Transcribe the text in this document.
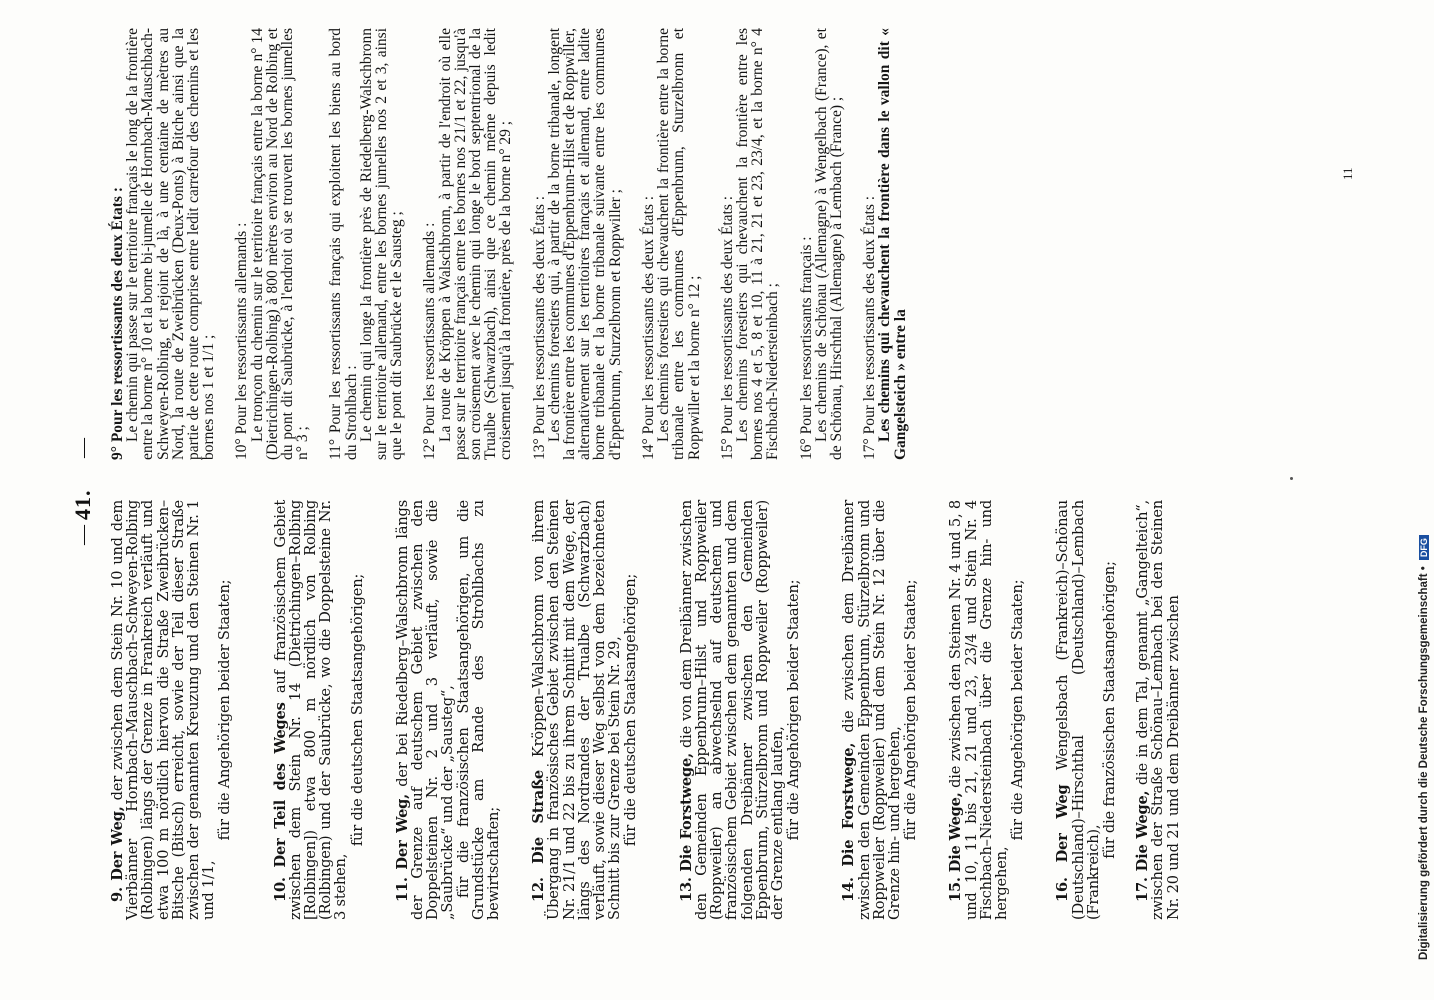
—
41.
—

9. Der Weg, der zwischen dem Stein Nr. 10 und dem Vierbänner Hornbach–Mauschbach–Schweyen-Rolbing (Rolbingen) längs der Grenze in Frankreich verläuft und etwa 100 m nördlich hiervon die Straße Zweibrücken–Bitsche (Bitsch) erreicht, sowie der Teil dieser Straße zwischen der genannten Kreuzung und den Steinen Nr. 1 und 1/1,

für die Angehörigen beider Staaten;	10. Der Teil des Weges auf französischem Gebiet zwischen dem Stein Nr. 14 (Dietrichingen–Rolbing [Rolbingen]) etwa 800 m nördlich von Rolbing (Rolbingen) und der Saubrücke, wo die Doppelsteine Nr. 3 stehen,

für die deutschen Staatsangehörigen;

11. Der Weg, der bei Riedelberg–Walschbronn längs der Grenze auf deutschem Gebiet zwischen den Doppelsteinen Nr. 2 und 3 verläuft, sowie die „Saubrücke“ und der „Sausteg“,

für die französischen Staatsangehörigen, um die Grundstücke am Rande des Strohlbachs zu bewirtschaften; 12. Die Straße Kröppen–Walschbronn von ihrem Übergang in französisches Gebiet zwischen den Steinen Nr. 21/1 und 22 bis zu ihrem Schnitt mit dem Wege, der längs des Nordrandes der Trualbe (Schwarzbach) verläuft, sowie dieser Weg selbst von dem bezeichneten Schnitt bis zur Grenze bei Stein Nr. 29, für die deutschen Staatsangehörigen;	13. Die Forstwege, die von dem Dreibänner zwischen den Gemeinden Eppenbrunn–Hilst und Roppweiler (Roppweiler) an abwechselnd auf deutschem und französischem Gebiet zwischen dem genannten und dem folgenden Dreibänner zwischen den Gemeinden Eppenbrunn, Stürzelbronn und Roppweiler (Roppweiler) der Grenze entlang laufen, für die Angehörigen beider Staaten;	14. Die Forstwege, die zwischen dem Dreibänner zwischen den Gemeinden Eppenbrunn, Stürzelbronn und Roppweiler (Roppweiler) und dem Stein Nr. 12 über die Grenze hin- und hergehen, für die Angehörigen beider Staaten;

15. Die Wege, die zwischen den Steinen Nr. 4 und 5, 8 und 10, 11 bis 21, 21 und 23, 23/4 und Stein Nr. 4 Fischbach–Niedersteinbach über die Grenze hin- und hergehen,

für die Angehörigen beider Staaten;

16. Der Weg Wengelsbach (Frankreich)–Schönau (Deutschland)–Hirschthal (Deutschland)–Lembach (Frankreich),

für die französischen Staatsangehörigen; 17. Die Wege, die in dem Tal, genannt „Gangelteich“, zwischen der Straße Schönau–Lembach bei den Steinen Nr. 20 und 21 und dem Dreibänner zwischen

9° Pour les ressortissants des deux États :

Le chemin qui passe sur le territoire français le long de la frontière entre la borne n° 10 et la borne bi-jumelle de Hornbach-Mauschbach-Schweyen-Rolbing, et rejoint de là, à une centaine de mètres au Nord, la route de Zweibrücken (Deux-Ponts) à Bitche ainsi que la partie de cette route comprise entre ledit carrefour des chemins et les bornes nos 1 et 1/1 ; 10° Pour les ressortissants allemands :

Le tronçon du chemin sur le territoire français entre la borne n° 14 (Dietrichingen-Rolbing) à 800 mètres environ au Nord de Rolbing et du pont dit Saubrücke, à l'endroit où se trouvent les bornes jumelles n° 3 ; 11° Pour les ressortissants français qui exploitent les biens au bord du Strohlbach :

Le chemin qui longe la frontière près de Riedelberg-Walschbronn sur le territoire allemand, entre les bornes jumelles nos 2 et 3, ainsi que le pont dit Saubrücke et le Sausteg ; 12° Pour les ressortissants allemands :

La route de Kröppen à Walschbronn, à partir de l'endroit où elle passe sur le territoire français entre les bornes nos 21/1 et 22, jusqu'à son croisement avec le chemin qui longe le bord septentrional de la Trualbe (Schwarzbach), ainsi que ce chemin même depuis ledit croisement jusqu'à la frontière, près de la borne n° 29 ; 13° Pour les ressortissants des deux États :

Les chemins forestiers qui, à partir de la borne tribanale, longent la frontière entre les communes d'Eppenbrunn-Hilst et de Roppwiller, alternativement sur les territoires français et allemand, entre ladite borne tribanale et la borne tribanale suivante entre les communes d'Eppenbrunn, Sturzelbronn et Roppwiller ; 14° Pour les ressortissants des deux États :

Les chemins forestiers qui chevauchent la frontière entre la borne tribanale entre les communes d'Eppenbrunn, Sturzelbronn et Roppwiller et la borne n° 12 ; 15° Pour les ressortissants des deux États :

Les chemins forestiers qui chevauchent la frontière entre les bornes nos 4 et 5, 8 et 10, 11 à 21, 21 et 23, 23/4, et la borne n° 4 Fischbach-Niedersteinbach ; 16° Pour les ressortissants français :

Les chemins de Schönau (Allemagne) à Wengelbach (France), et de Schönau, Hirschthal (Allemagne) à Lembach (France) ; 17° Pour les ressortissants des deux États :

Les chemins qui chevauchent la frontière dans le vallon dit « Gangelsteich » entre la

11
Digitalisierung gefördert durch die Deutsche Forschungsgemeinschaft •DFG
